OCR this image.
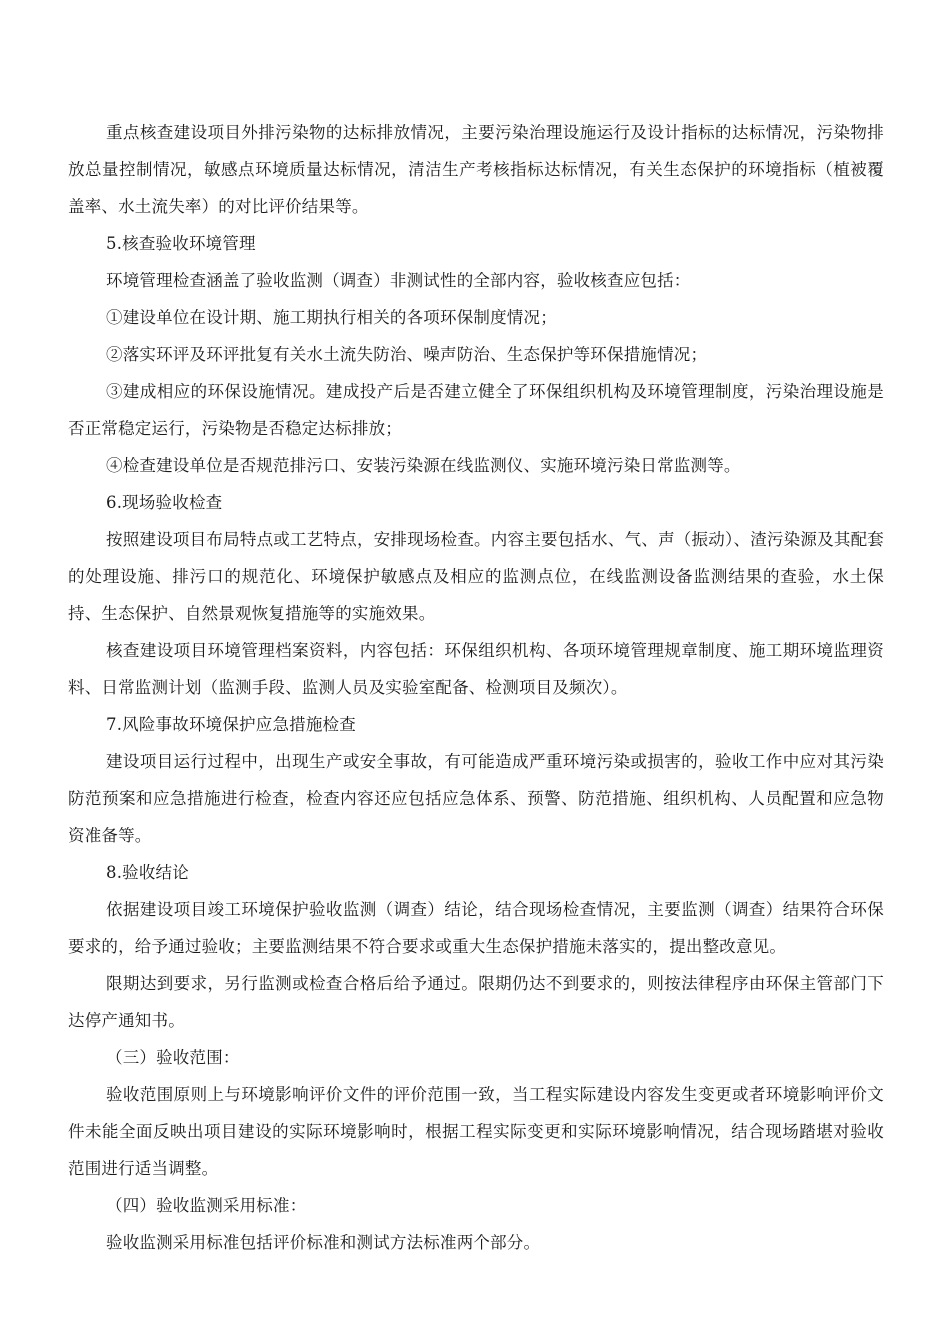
重点核查建设项目外排污染物的达标排放情况，主要污染治理设施运行及设计指标的达标情况，污染物排放总量控制情况，敏感点环境质量达标情况，清洁生产考核指标达标情况，有关生态保护的环境指标（植被覆盖率、水土流失率）的对比评价结果等。

5.核查验收环境管理

环境管理检查涵盖了验收监测（调查）非测试性的全部内容，验收核查应包括：

①建设单位在设计期、施工期执行相关的各项环保制度情况；

②落实环评及环评批复有关水土流失防治、噪声防治、生态保护等环保措施情况；

③建成相应的环保设施情况。建成投产后是否建立健全了环保组织机构及环境管理制度，污染治理设施是否正常稳定运行，污染物是否稳定达标排放；

④检查建设单位是否规范排污口、安装污染源在线监测仪、实施环境污染日常监测等。

6.现场验收检查

按照建设项目布局特点或工艺特点，安排现场检查。内容主要包括水、气、声（振动）、渣污染源及其配套的处理设施、排污口的规范化、环境保护敏感点及相应的监测点位，在线监测设备监测结果的查验，水土保持、生态保护、自然景观恢复措施等的实施效果。

核查建设项目环境管理档案资料，内容包括：环保组织机构、各项环境管理规章制度、施工期环境监理资料、日常监测计划（监测手段、监测人员及实验室配备、检测项目及频次）。

7.风险事故环境保护应急措施检查

建设项目运行过程中，出现生产或安全事故，有可能造成严重环境污染或损害的，验收工作中应对其污染防范预案和应急措施进行检查，检查内容还应包括应急体系、预警、防范措施、组织机构、人员配置和应急物资准备等。

8.验收结论

依据建设项目竣工环境保护验收监测（调查）结论，结合现场检查情况，主要监测（调查）结果符合环保要求的，给予通过验收；主要监测结果不符合要求或重大生态保护措施未落实的，提出整改意见。

限期达到要求，另行监测或检查合格后给予通过。限期仍达不到要求的，则按法律程序由环保主管部门下达停产通知书。

（三）验收范围：

验收范围原则上与环境影响评价文件的评价范围一致，当工程实际建设内容发生变更或者环境影响评价文件未能全面反映出项目建设的实际环境影响时，根据工程实际变更和实际环境影响情况，结合现场踏堪对验收范围进行适当调整。

（四）验收监测采用标准：

验收监测采用标准包括评价标准和测试方法标准两个部分。
